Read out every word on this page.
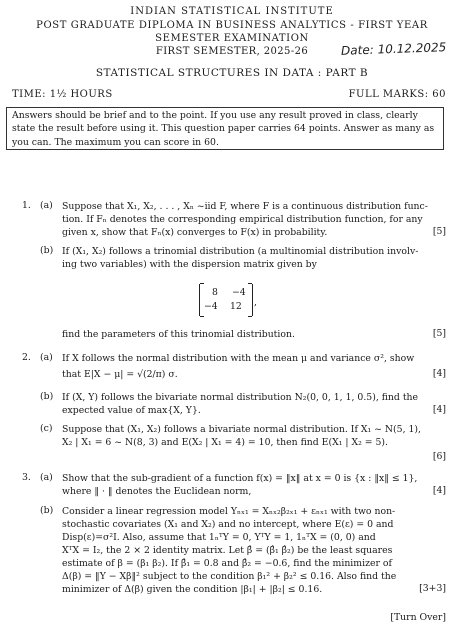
INDIAN STATISTICAL INSTITUTE
POST GRADUATE DIPLOMA IN BUSINESS ANALYTICS - FIRST YEAR
SEMESTER EXAMINATION
FIRST SEMESTER, 2025-26	Date: 10.12.2025
STATISTICAL STRUCTURES IN DATA : PART B
TIME: 1½ HOURS	FULL MARKS: 60
Answers should be brief and to the point. If you use any result proved in class, clearly state the result before using it. This question paper carries 64 points. Answer as many as you can. The maximum you can score in 60.
1. (a) Suppose that X₁, X₂, . . . , Xₙ ~iid F, where F is a continuous distribution func-
tion. If Fₙ denotes the corresponding empirical distribution function, for any
given x, show that Fₙ(x) converges to F(x) in probability.	[5]
(b) If (X₁, X₂) follows a trinomial distribution (a multinomial distribution involv-
ing two variables) with the dispersion matrix given by
8 −4
−4 12 ,
find the parameters of this trinomial distribution.	[5]
2. (a) If X follows the normal distribution with the mean μ and variance σ², show
that E|X − μ| = √(2/π) σ.	[4]
(b) If (X, Y) follows the bivariate normal distribution N₂(0, 0, 1, 1, 0.5), find the
expected value of max{X, Y}.	[4]
(c) Suppose that (X₁, X₂) follows a bivariate normal distribution. If X₁ ~ N(5, 1),
X₂ | X₁ = 6 ~ N(8, 3) and E(X₂ | X₁ = 4) = 10, then find E(X₁ | X₂ = 5).
[6]
3. (a) Show that the sub-gradient of a function f(x) = ‖x‖ at x = 0 is {x : ‖x‖ ≤ 1},
where ‖ · ‖ denotes the Euclidean norm,	[4]
(b) Consider a linear regression model Yₙₓ₁ = Xₙₓ₂β₂ₓ₁ + εₙₓ₁ with two non-
stochastic covariates (X₁ and X₂) and no intercept, where E(ε) = 0 and
Disp(ε)=σ²I. Also, assume that 1ₙᵀY = 0, YᵀY = 1, 1ₙᵀX = (0, 0) and
XᵀX = I₂, the 2 × 2 identity matrix. Let β̂ = (β̂₁ β̂₂) be the least squares
estimate of β = (β₁ β₂). If β̂₁ = 0.8 and β̂₂ = −0.6, find the minimizer of
Δ(β) = ‖Y − Xβ‖² subject to the condition β₁² + β₂² ≤ 0.16. Also find the
minimizer of Δ(β) given the condition |β₁| + |β₂| ≤ 0.16.	[3+3]
[Turn Over]
